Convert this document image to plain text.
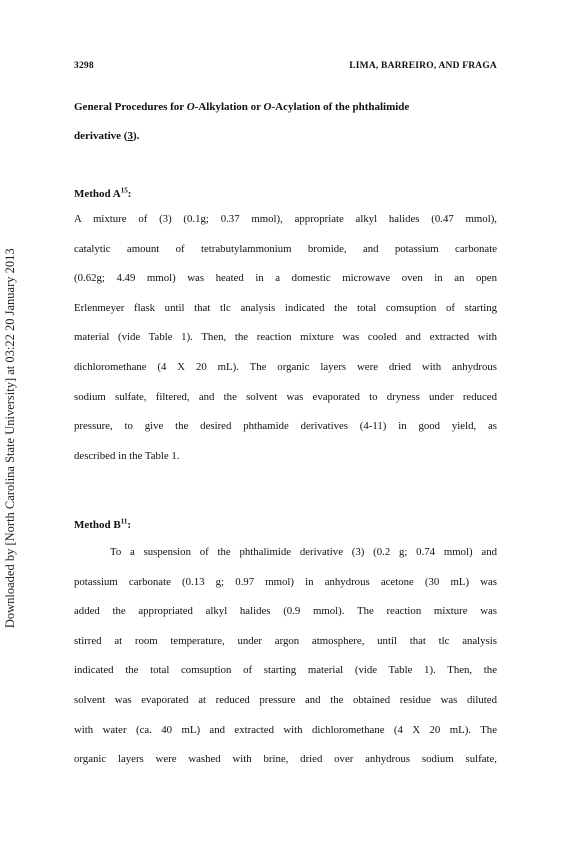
Downloaded by [North Carolina State University] at 03:22 20 January 2013
3298	LIMA, BARREIRO, AND FRAGA
General Procedures for O-Alkylation or O-Acylation of the phthalimide
derivative (3).
Method $A^{15}$:
A mixture of (3) (0.1g; 0.37 mmol), appropriate alkyl halides (0.47 mmol),
catalytic amount of tetrabutylammonium bromide, and potassium carbonate
(0.62g; 4.49 mmol) was heated in a domestic microwave oven in an open
Erlenmeyer flask until that tlc analysis indicated the total comsuption of starting
material (vide Table 1). Then, the reaction mixture was cooled and extracted with
dichloromethane (4 X 20 mL). The organic layers were dried with anhydrous
sodium sulfate, filtered, and the solvent was evaporated to dryness under reduced
pressure, to give the desired phthamide derivatives (4-11) in good yield, as
described in the Table 1.
Method $B^{11}$:
To a suspension of the phthalimide derivative (3) (0.2 g; 0.74 mmol) and
potassium carbonate (0.13 g; 0.97 mmol) in anhydrous acetone (30 mL) was
added the appropriated alkyl halides (0.9 mmol). The reaction mixture was
stirred at room temperature, under argon atmosphere, until that tlc analysis
indicated the total comsuption of starting material (vide Table 1). Then, the
solvent was evaporated at reduced pressure and the obtained residue was diluted
with water (ca. 40 mL) and extracted with dichloromethane (4 X 20 mL). The
organic layers were washed with brine, dried over anhydrous sodium sulfate,
